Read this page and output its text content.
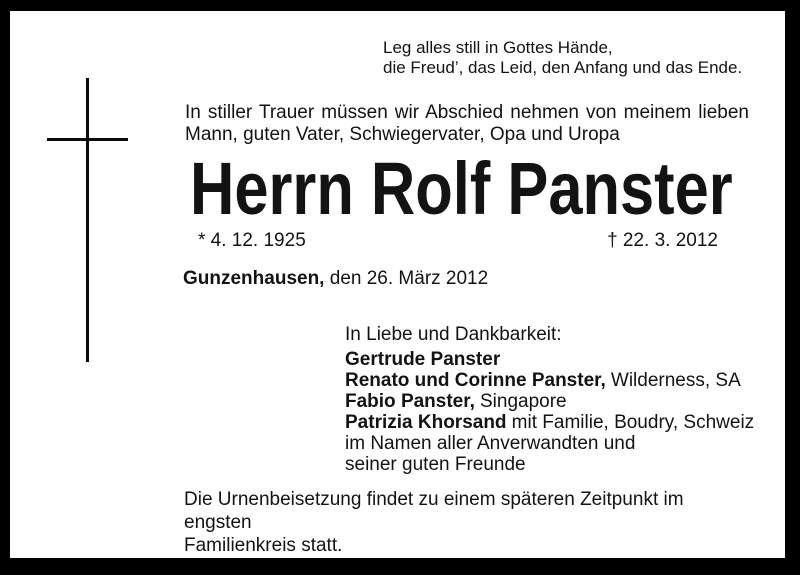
Leg alles still in Gottes Hände,
die Freud’, das Leid, den Anfang und das Ende.
In stiller Trauer müssen wir Abschied nehmen von meinem lieben
Mann, guten Vater, Schwiegervater, Opa und Uropa
Herrn Rolf Panster
* 4. 12. 1925	† 22. 3. 2012
Gunzenhausen, den 26. März 2012
In Liebe und Dankbarkeit:
Gertrude Panster
Renato und Corinne Panster, Wilderness, SA
Fabio Panster, Singapore
Patrizia Khorsand mit Familie, Boudry, Schweiz
im Namen aller Anverwandten und
seiner guten Freunde
Die Urnenbeisetzung findet zu einem späteren Zeitpunkt im engsten
Familienkreis statt.
